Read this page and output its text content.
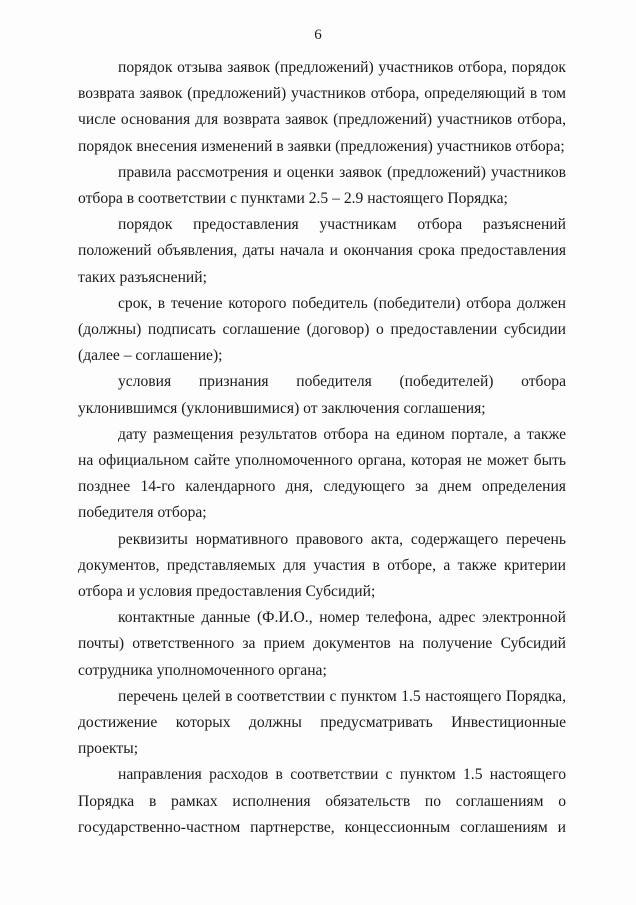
6

порядок отзыва заявок (предложений) участников отбора, порядок возврата заявок (предложений) участников отбора, определяющий в том числе основания для возврата заявок (предложений) участников отбора, порядок внесения изменений в заявки (предложения) участников отбора;

правила рассмотрения и оценки заявок (предложений) участников отбора в соответствии с пунктами 2.5 – 2.9 настоящего Порядка;

порядок предоставления участникам отбора разъяснений положений объявления, даты начала и окончания срока предоставления таких разъяснений;

срок, в течение которого победитель (победители) отбора должен (должны) подписать соглашение (договор) о предоставлении субсидии (далее – соглашение);

условия признания победителя (победителей) отбора уклонившимся (уклонившимися) от заключения соглашения;

дату размещения результатов отбора на едином портале, а также на официальном сайте уполномоченного органа, которая не может быть позднее 14-го календарного дня, следующего за днем определения победителя отбора;

реквизиты нормативного правового акта, содержащего перечень документов, представляемых для участия в отборе, а также критерии отбора и условия предоставления Субсидий;

контактные данные (Ф.И.О., номер телефона, адрес электронной почты) ответственного за прием документов на получение Субсидий сотрудника уполномоченного органа;

перечень целей в соответствии с пунктом 1.5 настоящего Порядка, достижение которых должны предусматривать Инвестиционные проекты;

направления расходов в соответствии с пунктом 1.5 настоящего Порядка в рамках исполнения обязательств по соглашениям о государственно-частном партнерстве, концессионным соглашениям и
